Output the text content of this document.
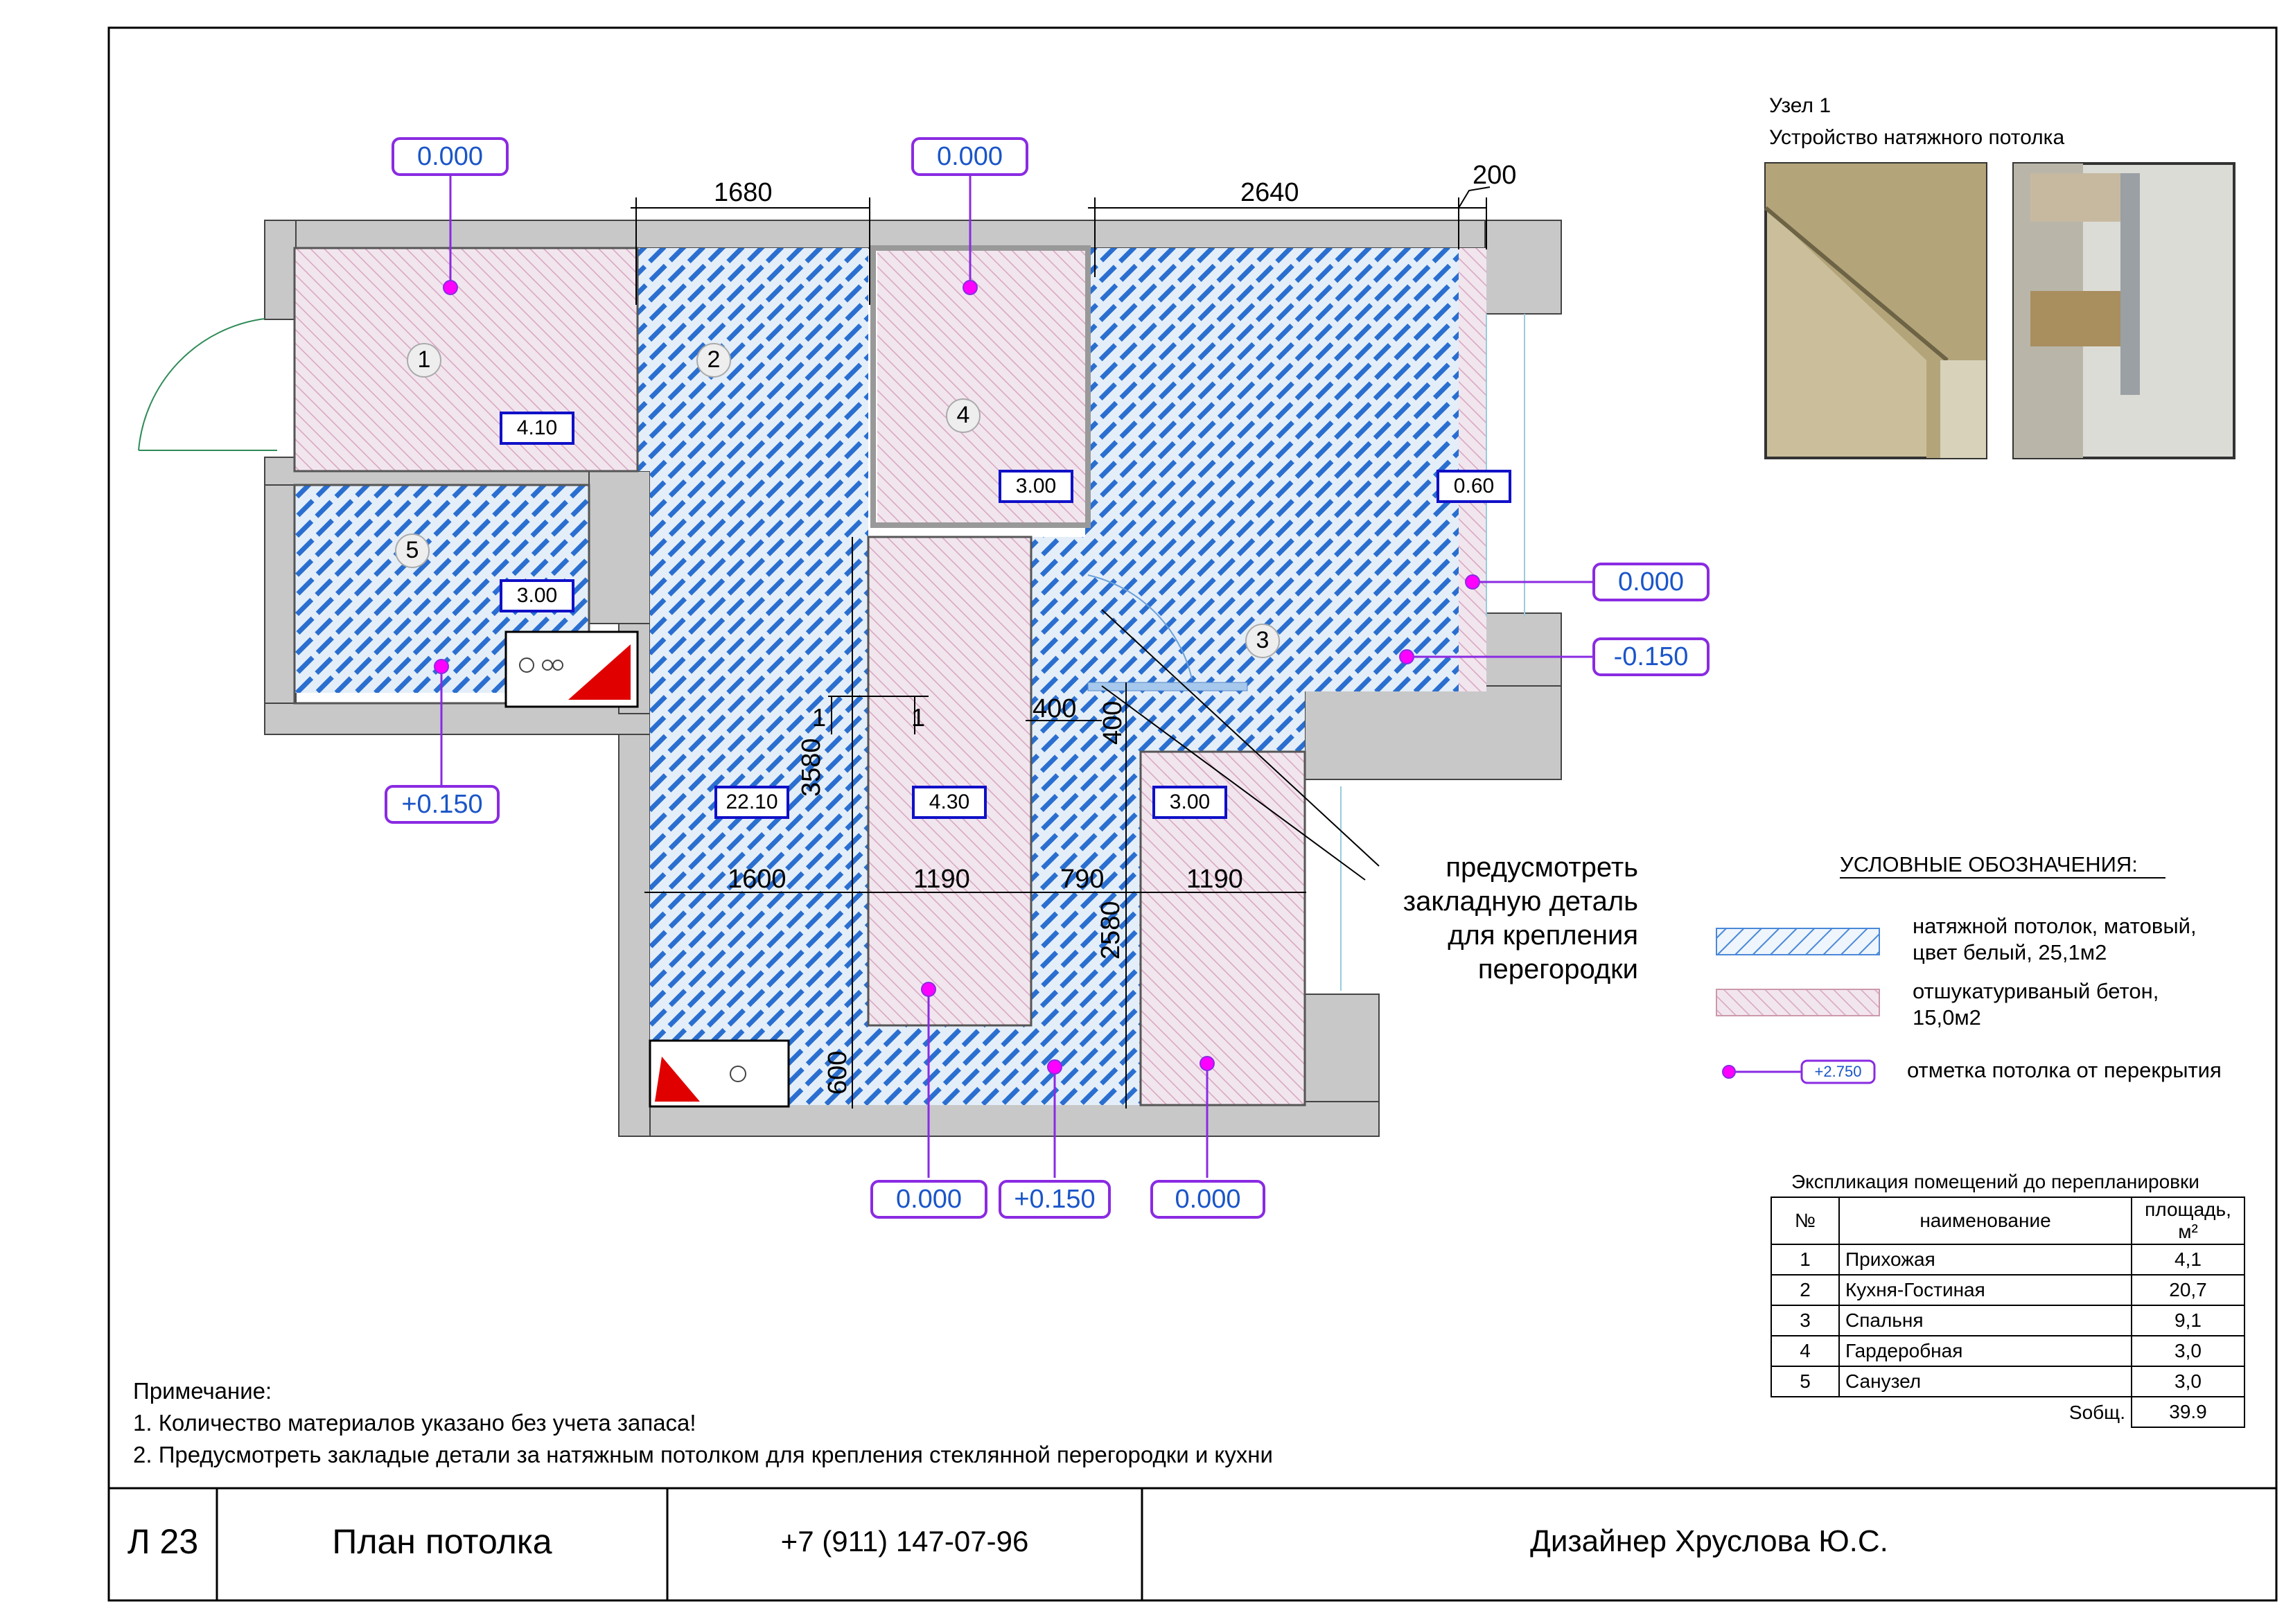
0.000	0.000
0.000
-0.150
+0.150
0.000	+0.150	0.000
+2.750
4.10
3.00
3.00	0.60
22.10	4.30	3.00
1	2
3
4
5
1680	2640
200
1600	1190	790	1190
400
3580
2580
600
400
1	1
предусмотреть
закладную деталь
для крепления
перегородки
Узел 1
Устройство натяжного потолка
УСЛОВНЫЕ ОБОЗНАЧЕНИЯ:
натяжной потолок, матовый,
цвет белый, 25,1м2
отшукатуриваный бетон,
15,0м2
отметка потолка от перекрытия
Экспликация помещений до перепланировки
№	наименование	площадь, м²
1	Прихожая	4,1
2	Кухня-Гостиная	20,7
3	Спальня	9,1
4	Гардеробная	3,0
5	Санузел	3,0
Sобщ.		39.9
Примечание:
1. Количество материалов указано без учета запаса!
2. Предусмотреть закладые детали за натяжным потолком для крепления стеклянной перегородки и кухни
Л 23	План потолка	+7 (911) 147-07-96	Дизайнер Хруслова Ю.С.
